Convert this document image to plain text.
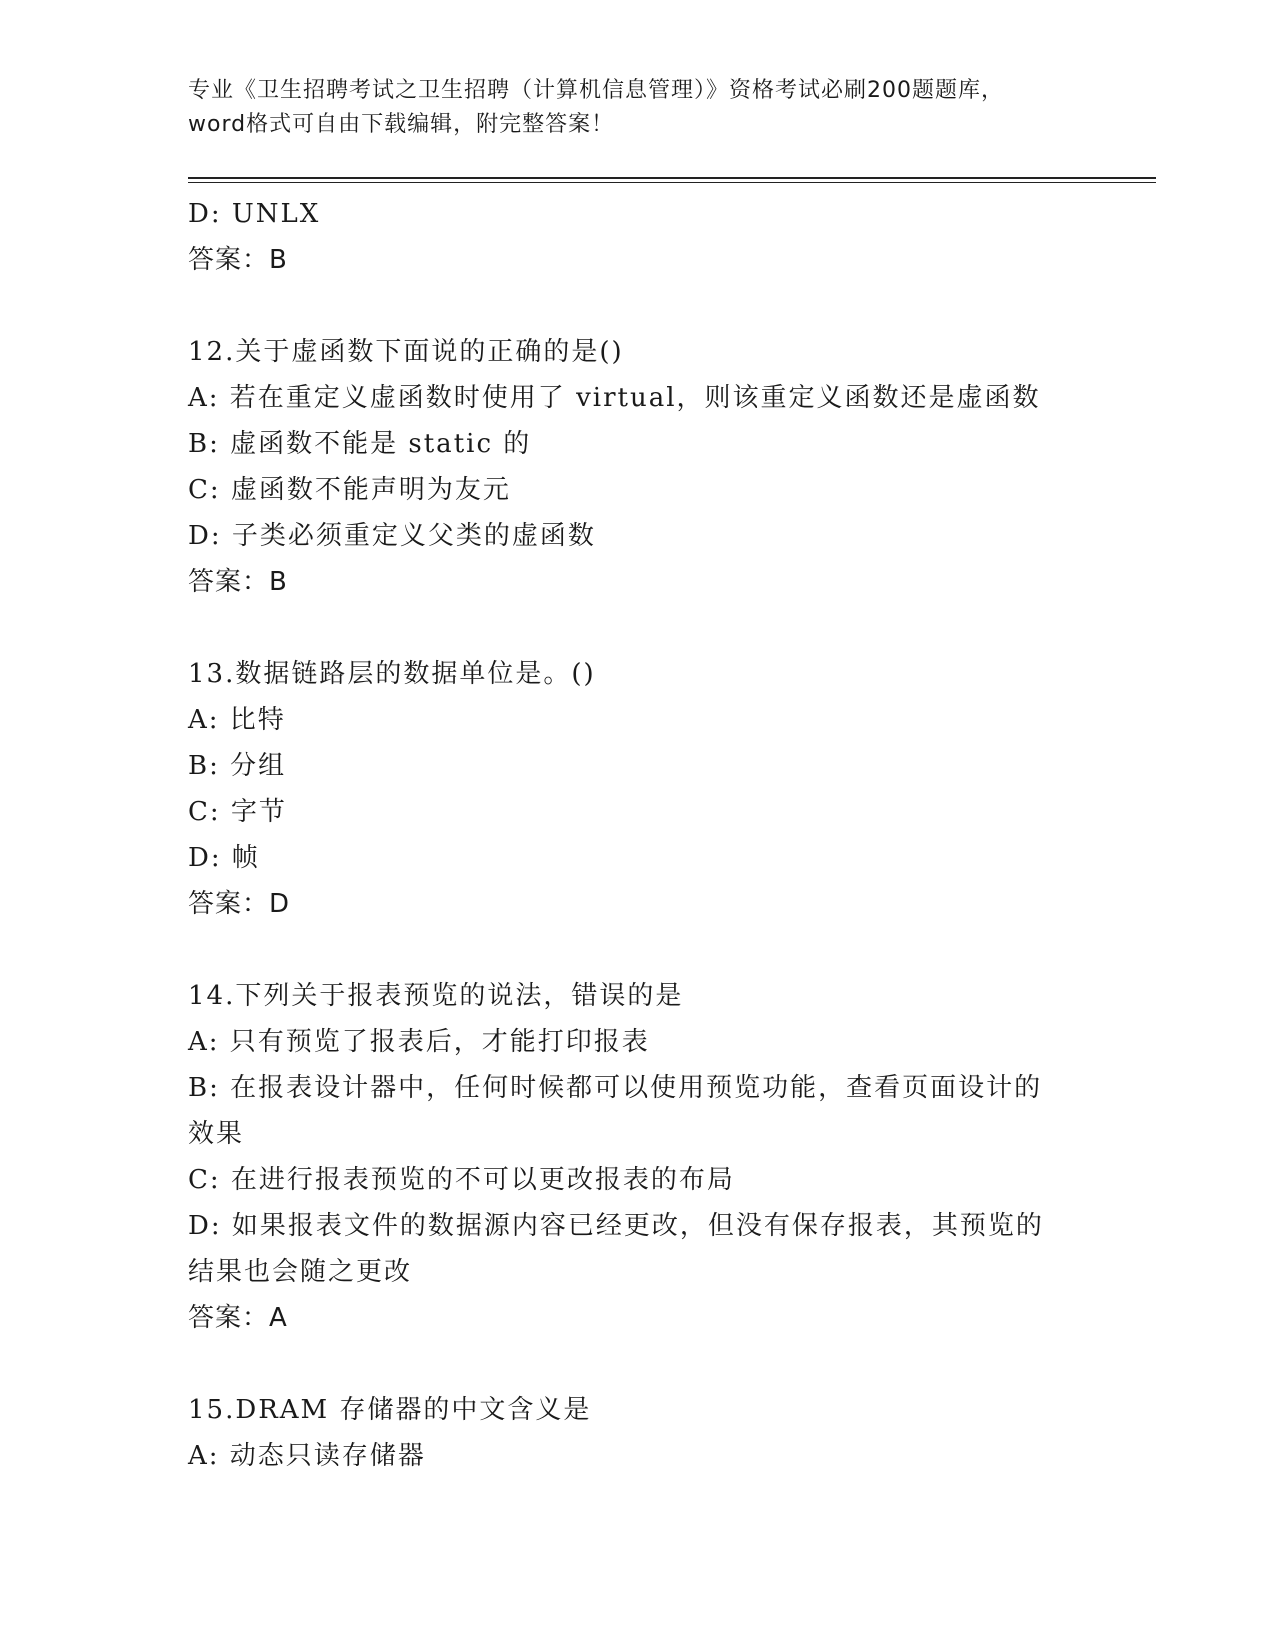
专业《卫生招聘考试之卫生招聘（计算机信息管理）》资格考试必刷200题题库，
word格式可自由下载编辑，附完整答案！
D: UNLX
答案：B
12.关于虚函数下面说的正确的是()
A: 若在重定义虚函数时使用了 virtual，则该重定义函数还是虚函数
B: 虚函数不能是 static 的
C: 虚函数不能声明为友元
D: 子类必须重定义父类的虚函数
答案：B
13.数据链路层的数据单位是。()
A: 比特
B: 分组
C: 字节
D: 帧
答案：D
14.下列关于报表预览的说法，错误的是
A: 只有预览了报表后，才能打印报表
B: 在报表设计器中，任何时候都可以使用预览功能，查看页面设计的
效果
C: 在进行报表预览的不可以更改报表的布局
D: 如果报表文件的数据源内容已经更改，但没有保存报表，其预览的
结果也会随之更改
答案：A
15.DRAM 存储器的中文含义是
A: 动态只读存储器
